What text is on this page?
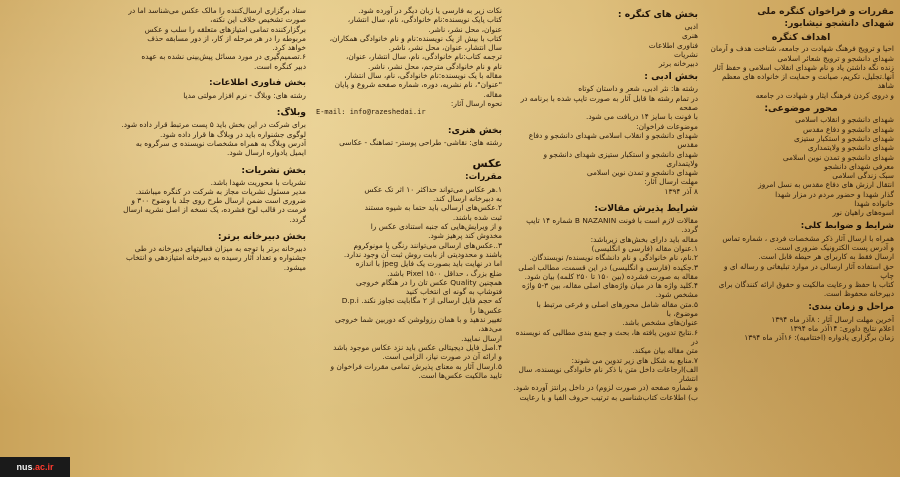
مقررات و فراخوان کنگره ملی
شهدای دانشجو نیشابور:
اهداف کنگره
احیا و ترویج فرهنگ شهادت در جامعه، شناخت هدف و آرمان
شهدای دانشجو و ترویج شعائر اسلامی
زنده نگه داشتن یاد و نام شهدای انقلاب اسلامی و حفظ آثار
آنها.تجلیل، تکریم، صیانت و حمایت از خانواده های معظم شاهد
و دروی کردن فرهنگ ایثار و شهادت در جامعه
محور موضوعی:
شهدای دانشجو و انقلاب اسلامی
شهدای دانشجو و دفاع مقدس
شهدای دانشجو و استکبار ستیزی
شهدای دانشجو و ولایتمداری
شهدای دانشجو و تمدن نوین اسلامی
معرفی شهدای دانشجو
سبک زندگی اسلامی
انتقال ارزش های دفاع مقدس به نسل امروز
گذار شهدا و حضور مردم در مزار شهدا
خانواده شهدا
اسوه‌های راهیان نور
شرایط و ضوابط کلی:
همراه با ارسال آثار ذکر مشخصات فردی ، شماره تماس
و آدرس پست الکترونیک ضروری است.
ارسال فقط به کاربرای هر حیطه قابل است.
حق استفاده آثار ارسالی در موارد تبلیغاتی و رساله ای و چاپ
کتاب با حفظ و رعایت مالکیت و حقوق ارائه کنندگان برای
دبیرخانه محفوظ است.
مراحل و زمان بندی:
آخرین مهلت ارسال آثار : ۸آذر ماه ۱۳۹۴
اعلام نتایج داوری: ۱۴آذر ماه ۱۳۹۴
زمان برگزاری یادواره (اختتامیه): ۱۶آذر ماه ۱۳۹۴
بخش های کنگره :
ادبی
هنری
فناوری اطلاعات
نشریات
دبیرخانه برتر
بخش ادبی :
رشته ها: نثر ادبی، شعر و داستان کوتاه
در تمام رشته ها قابل آثار به صورت تایپ شده با برنامه در صفحه
با فونت با سایز ۱۴ دریافت می شود.
موضوعات فراخوان:
شهدای دانشجو و انقلاب اسلامی شهدای دانشجو و دفاع مقدس
شهدای دانشجو و استکبار ستیزی شهدای دانشجو و ولایتمداری
شهدای دانشجو و تمدن نوین اسلامی
مهلت ارسال آثار:
۸ آذر ۱۳۹۴
شرایط پذیرش مقالات:
مقالات لازم است با فونت B NAZANIN شماره ۱۴ تایپ گردد.
مقاله باید دارای بخش‌های زیرباشد:
۱.عنوان مقاله (فارسی و انگلیسی)
۲.نام، نام خانوادگی و نام دانشگاه نویسنده/ نویسندگان.
۳.چکیده (فارسی و انگلیسی) در این قسمت، مطالب اصلی
مقاله به صورت فشرده (بین ۱۵۰ تا ۲۵۰ کلمه) بیان شود.
۴.کلید واژه ها در میان واژه‌های اصلی مقاله، بین ۳-۵ واژه
مشخص شود.
۵.متن مقاله شامل محورهای اصلی و فرعی مرتبط با موضوع، با
عنوان‌های مشخص باشد.
۶.نتایج تدوین یافته ها، بحث و جمع بندی مطالبی که نویسنده در
متن مقاله بیان میکند.
۷.منابع به شکل های زیر تدوین می شوند:
الف)ارجاعات داخل متن با ذکر نام خانوادگی نویسنده، سال انتشار
و شماره صفحه (در صورت لزوم) در داخل پرانتز آورده شود.
ب) اطلاعات کتاب‌شناسی به ترتیب حروف الفبا و با رعایت
نکات زیر به فارسی یا زبان دیگر در آورده شود.
کتاب یایک نویسنده:نام خانوادگی، نام، سال انتشار،
عنوان، محل نشر، ناشر.
کتاب با بیش از یک نویسنده:نام و نام خانوادگی همکاران،
سال انتشار، عنوان، محل نشر، ناشر.
ترجمه کتاب:نام خانوادگی، نام، سال انتشار، عنوان،
نام و نام خانوادگی مترجم، محل نشر، ناشر.
مقاله با یک نویسنده:نام خانوادگی، نام، سال انتشار،
"عنوان"، نام نشریه، دوره، شماره صفحه شروع و پایان مقاله.
نحوه ارسال آثار:
E-mail: info@razeshedai.ir
بخش هنری:
رشته های: نقاشی- طراحی پوستر- تصاهنگ - عکاسی
عکس
مقررات:
۱.هر عکاس می‌تواند حداکثر ۱۰ اثر تک عکس
به دبیرخانه ارسال کند.
۲.عکس‌های ارسالی باید حتما به شیوه مستند
ثبت شده باشند.
و از ویرایش‌هایی که جنبه استنادی عکس را
مخدوش کند پرهیز شود.
۳..عکس‌های ارسالی می‌توانند رنگی یا مونوکروم
باشند و محدودیتی از بابت روش ثبت آن وجود ندارد.
اما در نهایت باید بصورت یک فایل jpeg با اندازه
ضلع بزرگ ، حداقل ۱۵۰۰ Pixel باشد.
همچنین Quality عکس تان را در هنگام خروجی
فتوشاپ به گونه ای انتخاب کنید
که حجم فایل ارسالی از ۲ مگابایت تجاوز نکند. D.p.i عکس‌ها را
تغییر ندهید و با همان رزولوشن که دوربین شما خروجی می‌دهد،
ارسال نمایید.
۴.اصل فایل دیجیتالی عکس باید نزد عکاس موجود باشد
و ارائه آن در صورت نیاز، الزامی است.
۵.ارسال آثار به معنای پذیرش تمامی مقررات فراخوان و
تایید مالکیت عکس‌ها است.
ستاد برگزاری ارسال‌کننده را مالک عکس می‌شناسد اما در
صورت تشخیص خلاف این نکته،
برگزارکننده تمامی امتیازهای متعلقه را سلب و عکس
مربوطه را در هر مرحله از کار، از دور مسابقه حذف
خواهد کرد.
۶.تصمیم‌گیری در مورد مسائل پیش‌بینی نشده به عهده
دبیر کنگره است.
بخش فناوری اطلاعات:
رشته های: وبلاگ - نرم افزار مولتی مدیا
وبلاگ:
برای شرکت در این بخش باید ۵ پست مرتبط قرار داده شود.
لوگوی جشنواره باید در وبلاگ ها قرار داده شود.
آدرس وبلاگ به همراه مشخصات نویسنده ی سرگروه به
ایمیل یادواره ارسال شود.
بخش نشریات:
نشریات با محوریت شهدا باشد.
مدیر مسئول نشریات مجاز به شرکت در کنگره میباشند.
ضروری است ضمن ارسال طرح روی جلد با وضوح ۳۰۰ و
فرمت در قالب لوح فشرده، یک نسخه از اصل نشریه ارسال
گردد.
بخش دبیرخانه برتر:
دبیرخانه برتر با توجه به میزان فعالیتهای دبیرخانه در طی
جشنواره و تعداد آثار رسیده به دبیرخانه امتیازدهی و انتخاب
میشود.
nus .ac.ir
